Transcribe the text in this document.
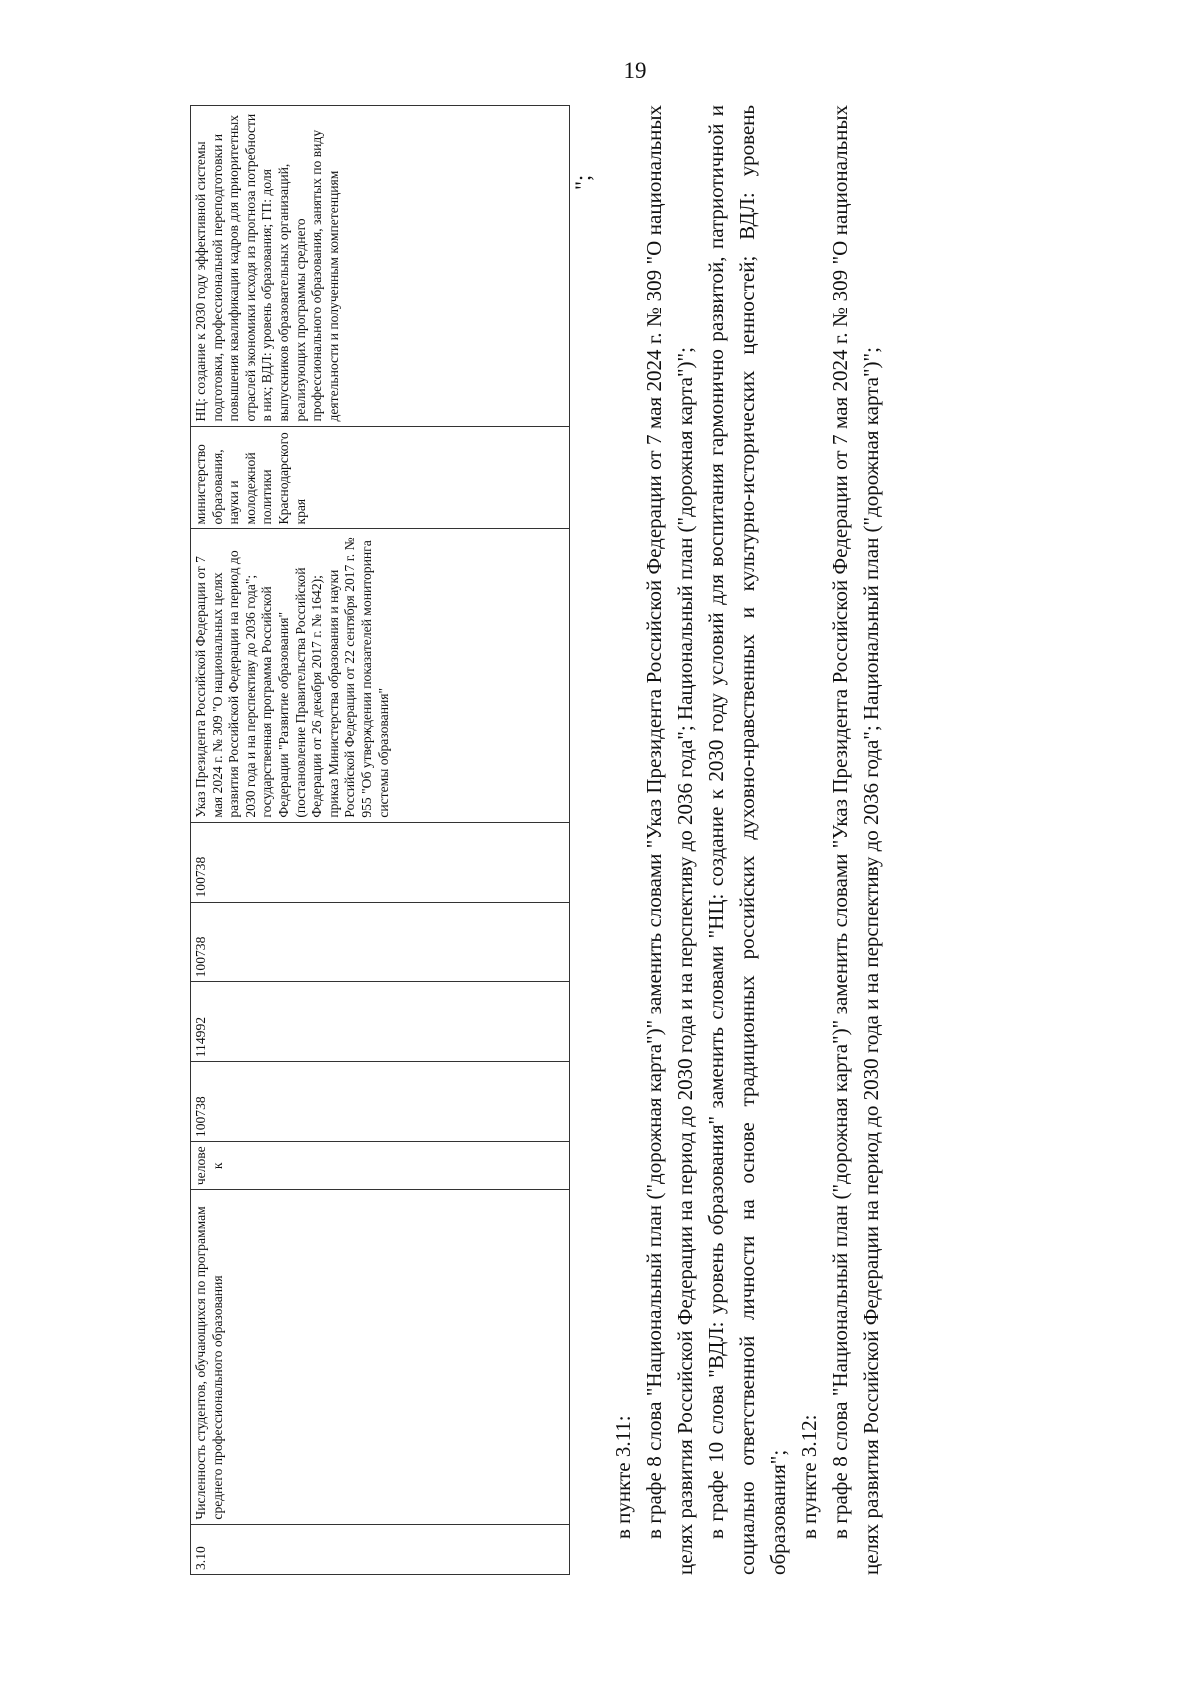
19
3.10	Численность студентов, обучающихся по программам среднего профессионального образования	человек	100738	114992	100738	100738	Указ Президента Российской Федерации от 7 мая 2024 г. № 309 "О национальных целях развития Российской Федерации на период до 2030 года и на перспективу до 2036 года"; государственная программа Российской Федерации "Развитие образования" (постановление Правительства Российской Федерации от 26 декабря 2017 г. № 1642); приказ Министерства образования и науки Российской Федерации от 22 сентября 2017 г. № 955 "Об утверждении показателей мониторинга системы образования"	министерство образования, науки и молодежной политики Краснодарского края	НЦ: создание к 2030 году эффективной системы подготовки, профессиональной переподготовки и повышения квалификации кадров для приоритетных отраслей экономики исходя из прогноза потребности в них; ВДЛ: уровень образования; ГП: доля выпускников образовательных организаций, реализующих программы среднего профессионального образования, занятых по виду деятельности и полученным компетенциям	";

в пункте 3.11: в графе 8 слова "Национальный план ("дорожная карта")" заменить словами "Указ Президента Российской Федерации от 7 мая 2024 г. № 309 "О национальных целях развития Российской Федерации на период до 2030 года и на перспективу до 2036 года"; Национальный план ("дорожная карта")"; в графе 10 слова "ВДЛ: уровень образования" заменить словами "НЦ: создание к 2030 году условий для воспитания гармонично развитой, патриотичной и социально ответственной личности на основе традиционных российских духовно-нравственных и культурно-исторических ценностей; ВДЛ: уровень образования"; в пункте 3.12: в графе 8 слова "Национальный план ("дорожная карта")" заменить словами "Указ Президента Российской Федерации от 7 мая 2024 г. № 309 "О национальных целях развития Российской Федерации на период до 2030 года и на перспективу до 2036 года"; Национальный план ("дорожная карта")";
